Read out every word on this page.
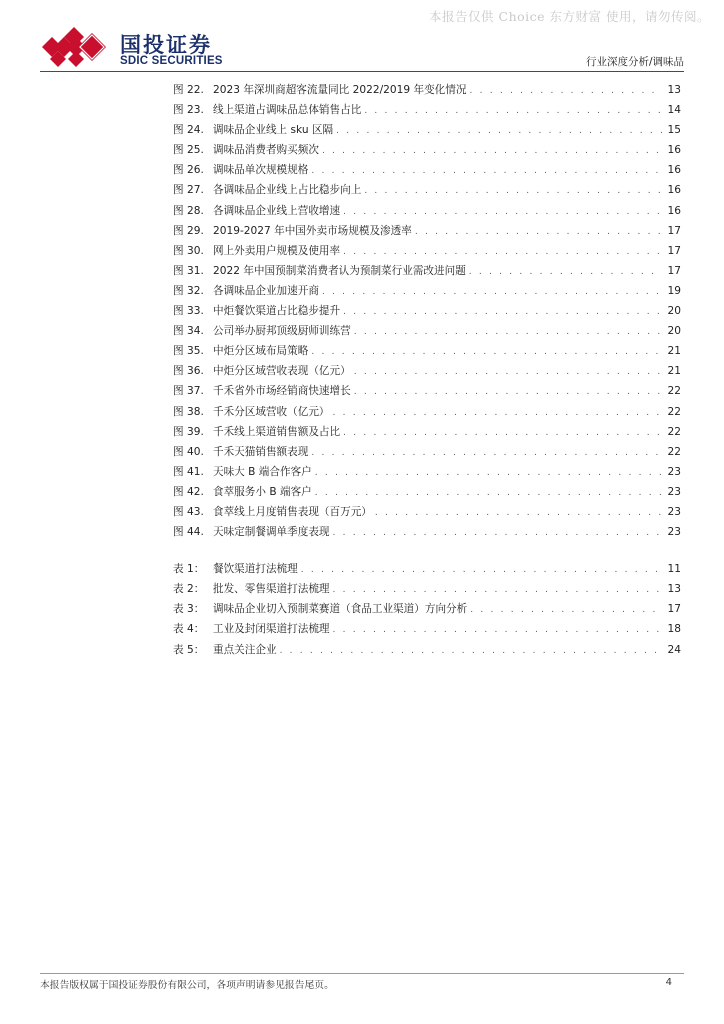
本报告仅供 Choice 东方财富 使用，请勿传阅。
国投证券
SDIC SECURITIES	行业深度分析/调味品
图 22. 2023 年深圳商超客流量同比 2022/2019 年变化情况 . . .	13
图 23. 线上渠道占调味品总体销售占比 . . .	14
图 24. 调味品企业线上 sku 区隔 . . .	15
图 25. 调味品消费者购买频次 . . .	16
图 26. 调味品单次规模规格 . . .	16
图 27. 各调味品企业线上占比稳步向上 . . .	16
图 28. 各调味品企业线上营收增速 . . .	16
图 29. 2019-2027 年中国外卖市场规模及渗透率 . . .	17
图 30. 网上外卖用户规模及使用率 . . .	17
图 31. 2022 年中国预制菜消费者认为预制菜行业需改进问题 . . .	17
图 32. 各调味品企业加速开商 . . .	19
图 33. 中炬餐饮渠道占比稳步提升 . . .	20
图 34. 公司举办厨邦顶级厨师训练营 . . .	20
图 35. 中炬分区域布局策略 . . .	21
图 36. 中炬分区域营收表现（亿元） . . .	21
图 37. 千禾省外市场经销商快速增长 . . .	22
图 38. 千禾分区域营收（亿元） . . .	22
图 39. 千禾线上渠道销售额及占比 . . .	22
图 40. 千禾天猫销售额表现 . . .	22
图 41. 天味大 B 端合作客户 . . .	23
图 42. 食萃服务小 B 端客户 . . .	23
图 43. 食萃线上月度销售表现（百万元） . . .	23
图 44. 天味定制餐调单季度表现 . . .	23
表 1： 餐饮渠道打法梳理 . . .	11
表 2： 批发、零售渠道打法梳理 . . .	13
表 3： 调味品企业切入预制菜赛道（食品工业渠道）方向分析 . . .	17
表 4： 工业及封闭渠道打法梳理 . . .	18
表 5： 重点关注企业 . . .	24
本报告版权属于国投证券股份有限公司，各项声明请参见报告尾页。	4
